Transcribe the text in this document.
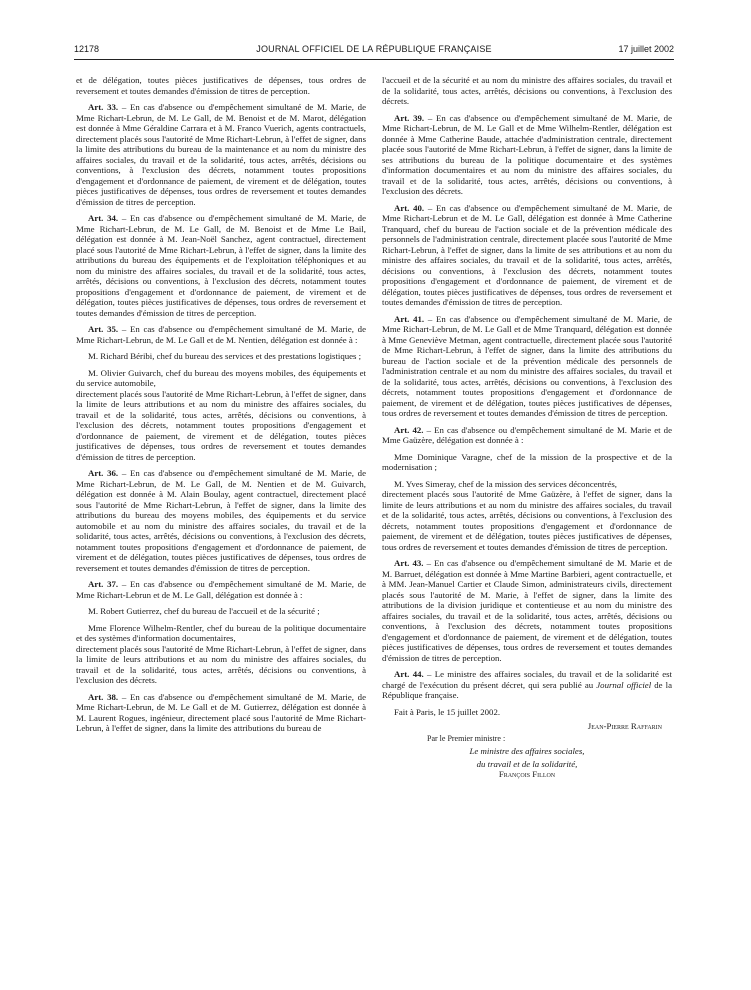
12178	JOURNAL OFFICIEL DE LA RÉPUBLIQUE FRANÇAISE	17 juillet 2002

et de délégation, toutes pièces justificatives de dépenses, tous ordres de reversement et toutes demandes d'émission de titres de perception.

Art. 33. – En cas d'absence ou d'empêchement simultané de M. Marie, de Mme Richart-Lebrun, de M. Le Gall, de M. Benoist et de M. Marot, délégation est donnée à Mme Géraldine Carrara et à M. Franco Vuerich, agents contractuels, directement placés sous l'autorité de Mme Richart-Lebrun, à l'effet de signer, dans la limite des attributions du bureau de la maintenance et au nom du ministre des affaires sociales, du travail et de la solidarité, tous actes, arrêtés, décisions ou conventions, à l'exclusion des décrets, notamment toutes propositions d'engagement et d'ordonnance de paiement, de virement et de délégation, toutes pièces justificatives de dépenses, tous ordres de reversement et toutes demandes d'émission de titres de perception.

Art. 34. – En cas d'absence ou d'empêchement simultané de M. Marie, de Mme Richart-Lebrun, de M. Le Gall, de M. Benoist et de Mme Le Bail, délégation est donnée à M. Jean-Noël Sanchez, agent contractuel, directement placé sous l'autorité de Mme Richart-Lebrun, à l'effet de signer, dans la limite des attributions du bureau des équipements et de l'exploitation téléphoniques et au nom du ministre des affaires sociales, du travail et de la solidarité, tous actes, arrêtés, décisions ou conventions, à l'exclusion des décrets, notamment toutes propositions d'engagement et d'ordonnance de paiement, de virement et de délégation, toutes pièces justificatives de dépenses, tous ordres de reversement et toutes demandes d'émission de titres de perception.

Art. 35. – En cas d'absence ou d'empêchement simultané de M. Marie, de Mme Richart-Lebrun, de M. Le Gall et de M. Nentien, délégation est donnée à :

M. Richard Béribi, chef du bureau des services et des prestations logistiques ;

M. Olivier Guivarch, chef du bureau des moyens mobiles, des équipements et du service automobile,

directement placés sous l'autorité de Mme Richart-Lebrun, à l'effet de signer, dans la limite de leurs attributions et au nom du ministre des affaires sociales, du travail et de la solidarité, tous actes, arrêtés, décisions ou conventions, à l'exclusion des décrets, notamment toutes propositions d'engagement et d'ordonnance de paiement, de virement et de délégation, toutes pièces justificatives de dépenses, tous ordres de reversement et toutes demandes d'émission de titres de perception.

Art. 36. – En cas d'absence ou d'empêchement simultané de M. Marie, de Mme Richart-Lebrun, de M. Le Gall, de M. Nentien et de M. Guivarch, délégation est donnée à M. Alain Boulay, agent contractuel, directement placé sous l'autorité de Mme Richart-Lebrun, à l'effet de signer, dans la limite des attributions du bureau des moyens mobiles, des équipements et du service automobile et au nom du ministre des affaires sociales, du travail et de la solidarité, tous actes, arrêtés, décisions ou conventions, à l'exclusion des décrets, notamment toutes propositions d'engagement et d'ordonnance de paiement, de virement et de délégation, toutes pièces justificatives de dépenses, tous ordres de reversement et toutes demandes d'émission de titres de perception.

Art. 37. – En cas d'absence ou d'empêchement simultané de M. Marie, de Mme Richart-Lebrun et de M. Le Gall, délégation est donnée à :

M. Robert Gutierrez, chef du bureau de l'accueil et de la sécurité ;

Mme Florence Wilhelm-Rentler, chef du bureau de la politique documentaire et des systèmes d'information documentaires,

directement placés sous l'autorité de Mme Richart-Lebrun, à l'effet de signer, dans la limite de leurs attributions et au nom du ministre des affaires sociales, du travail et de la solidarité, tous actes, arrêtés, décisions ou conventions, à l'exclusion des décrets.

Art. 38. – En cas d'absence ou d'empêchement simultané de M. Marie, de Mme Richart-Lebrun, de M. Le Gall et de M. Gutierrez, délégation est donnée à M. Laurent Rogues, ingénieur, directement placé sous l'autorité de Mme Richart-Lebrun, à l'effet de signer, dans la limite des attributions du bureau de

l'accueil et de la sécurité et au nom du ministre des affaires sociales, du travail et de la solidarité, tous actes, arrêtés, décisions ou conventions, à l'exclusion des décrets.

Art. 39. – En cas d'absence ou d'empêchement simultané de M. Marie, de Mme Richart-Lebrun, de M. Le Gall et de Mme Wilhelm-Rentler, délégation est donnée à Mme Catherine Baude, attachée d'administration centrale, directement placée sous l'autorité de Mme Richart-Lebrun, à l'effet de signer, dans la limite de ses attributions du bureau de la politique documentaire et des systèmes d'information documentaires et au nom du ministre des affaires sociales, du travail et de la solidarité, tous actes, arrêtés, décisions ou conventions, à l'exclusion des décrets.

Art. 40. – En cas d'absence ou d'empêchement simultané de M. Marie, de Mme Richart-Lebrun et de M. Le Gall, délégation est donnée à Mme Catherine Tranquard, chef du bureau de l'action sociale et de la prévention médicale des personnels de l'administration centrale, directement placée sous l'autorité de Mme Richart-Lebrun, à l'effet de signer, dans la limite de ses attributions et au nom du ministre des affaires sociales, du travail et de la solidarité, tous actes, arrêtés, décisions ou conventions, à l'exclusion des décrets, notamment toutes propositions d'engagement et d'ordonnance de paiement, de virement et de délégation, toutes pièces justificatives de dépenses, tous ordres de reversement et toutes demandes d'émission de titres de perception.

Art. 41. – En cas d'absence ou d'empêchement simultané de M. Marie, de Mme Richart-Lebrun, de M. Le Gall et de Mme Tranquard, délégation est donnée à Mme Geneviève Metman, agent contractuelle, directement placée sous l'autorité de Mme Richart-Lebrun, à l'effet de signer, dans la limite des attributions du bureau de l'action sociale et de la prévention médicale des personnels de l'administration centrale et au nom du ministre des affaires sociales, du travail et de la solidarité, tous actes, arrêtés, décisions ou conventions, à l'exclusion des décrets, notamment toutes propositions d'engagement et d'ordonnance de paiement, de virement et de délégation, toutes pièces justificatives de dépenses, tous ordres de reversement et toutes demandes d'émission de titres de perception.

Art. 42. – En cas d'absence ou d'empêchement simultané de M. Marie et de Mme Gaüzère, délégation est donnée à :

Mme Dominique Varagne, chef de la mission de la prospective et de la modernisation ;

M. Yves Simeray, chef de la mission des services déconcentrés,

directement placés sous l'autorité de Mme Gaüzère, à l'effet de signer, dans la limite de leurs attributions et au nom du ministre des affaires sociales, du travail et de la solidarité, tous actes, arrêtés, décisions ou conventions, à l'exclusion des décrets, notamment toutes propositions d'engagement et d'ordonnance de paiement, de virement et de délégation, toutes pièces justificatives de dépenses, tous ordres de reversement et toutes demandes d'émission de titres de perception.

Art. 43. – En cas d'absence ou d'empêchement simultané de M. Marie et de M. Barruet, délégation est donnée à Mme Martine Barbieri, agent contractuelle, et à MM. Jean-Manuel Cartier et Claude Simon, administrateurs civils, directement placés sous l'autorité de M. Marie, à l'effet de signer, dans la limite des attributions de la division juridique et contentieuse et au nom du ministre des affaires sociales, du travail et de la solidarité, tous actes, arrêtés, décisions ou conventions, à l'exclusion des décrets, notamment toutes propositions d'engagement et d'ordonnance de paiement, de virement et de délégation, toutes pièces justificatives de dépenses, tous ordres de reversement et toutes demandes d'émission de titres de perception.

Art. 44. – Le ministre des affaires sociales, du travail et de la solidarité est chargé de l'exécution du présent décret, qui sera publié au Journal officiel de la République française.

Fait à Paris, le 15 juillet 2002.
Jean-Pierre Raffarin
Par le Premier ministre :
Le ministre des affaires sociales,
du travail et de la solidarité,
François Fillon
